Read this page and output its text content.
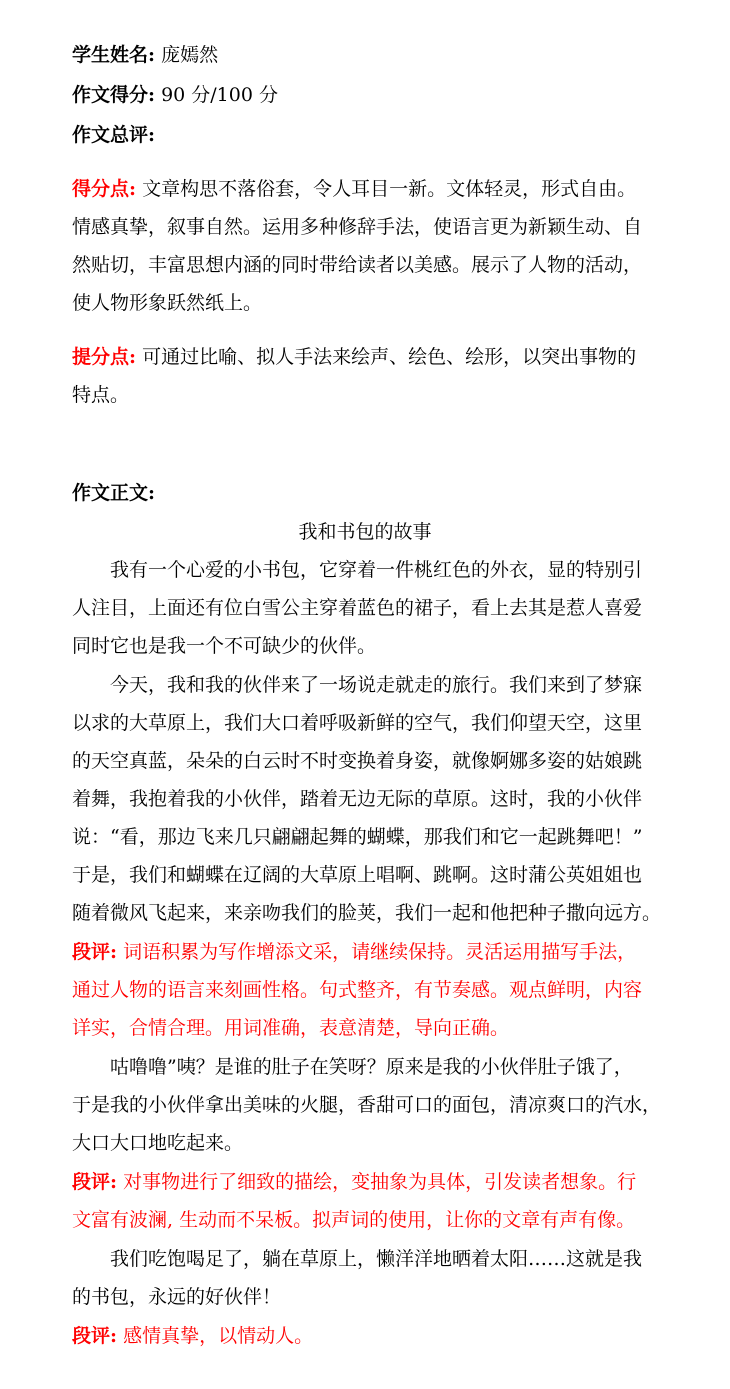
学生姓名: 庞嫣然
作文得分: 90 分/100 分
作文总评:
得分点: 文章构思不落俗套，令人耳目一新。文体轻灵，形式自由。
情感真挚，叙事自然。运用多种修辞手法，使语言更为新颖生动、自
然贴切，丰富思想内涵的同时带给读者以美感。展示了人物的活动，
使人物形象跃然纸上。
提分点: 可通过比喻、拟人手法来绘声、绘色、绘形，以突出事物的
特点。
作文正文:
我和书包的故事
我有一个心爱的小书包，它穿着一件桃红色的外衣，显的特别引
人注目，上面还有位白雪公主穿着蓝色的裙子，看上去其是惹人喜爱
同时它也是我一个不可缺少的伙伴。
今天，我和我的伙伴来了一场说走就走的旅行。我们来到了梦寐
以求的大草原上，我们大口着呼吸新鲜的空气，我们仰望天空，这里
的天空真蓝，朵朵的白云时不时变换着身姿，就像婀娜多姿的姑娘跳
着舞，我抱着我的小伙伴，踏着无边无际的草原。这时，我的小伙伴
说：“看，那边飞来几只翩翩起舞的蝴蝶，那我们和它一起跳舞吧！”
于是，我们和蝴蝶在辽阔的大草原上唱啊、跳啊。这时蒲公英姐姐也
随着微风飞起来，来亲吻我们的脸荚，我们一起和他把种子撒向远方。
段评: 词语积累为写作增添文采，请继续保持。灵活运用描写手法，
通过人物的语言来刻画性格。句式整齐，有节奏感。观点鲜明，内容
详实，合情合理。用词准确，表意清楚，导向正确。
咕噜噜”咦？是谁的肚子在笑呀？原来是我的小伙伴肚子饿了，
于是我的小伙伴拿出美味的火腿，香甜可口的面包，清凉爽口的汽水，
大口大口地吃起来。
段评: 对事物进行了细致的描绘，变抽象为具体，引发读者想象。行
文富有波澜, 生动而不呆板。拟声词的使用，让你的文章有声有像。
我们吃饱喝足了，躺在草原上，懒洋洋地晒着太阳……这就是我
的书包，永远的好伙伴！
段评: 感情真挚，以情动人。
